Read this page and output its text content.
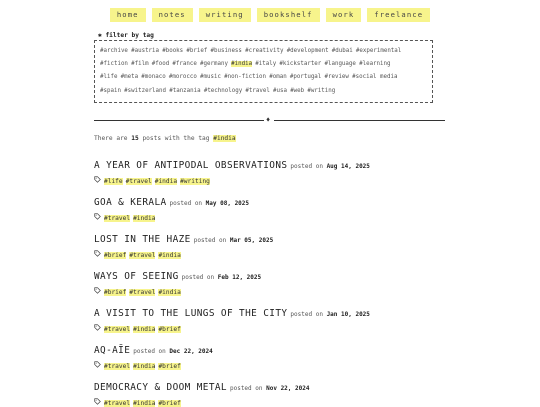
home	notes	writing	bookshelf	work	freelance
✱ filter by tag
#archive #austria #books #brief #business #creativity #development #dubai #experimental
#fiction #film #food #france #germany #india #italy #kickstarter #language #learning
#life #meta #monaco #morocco #music #non-fiction #oman #portugal #review #social media
#spain #switzerland #tanzania #technology #travel #usa #web #writing
♦
There are 15 posts with the tag #india
A YEAR OF ANTIPODAL OBSERVATIONS posted on Aug 14, 2025
#life #travel #india #writing
GOA & KERALA posted on May 08, 2025
#travel #india
LOST IN THE HAZE posted on Mar 05, 2025
#brief #travel #india
WAYS OF SEEING posted on Feb 12, 2025
#brief #travel #india
A VISIT TO THE LUNGS OF THE CITY posted on Jan 10, 2025
#travel #india #brief
AQ-AĪE posted on Dec 22, 2024
#travel #india #brief
DEMOCRACY & DOOM METAL posted on Nov 22, 2024
#travel #india #brief
